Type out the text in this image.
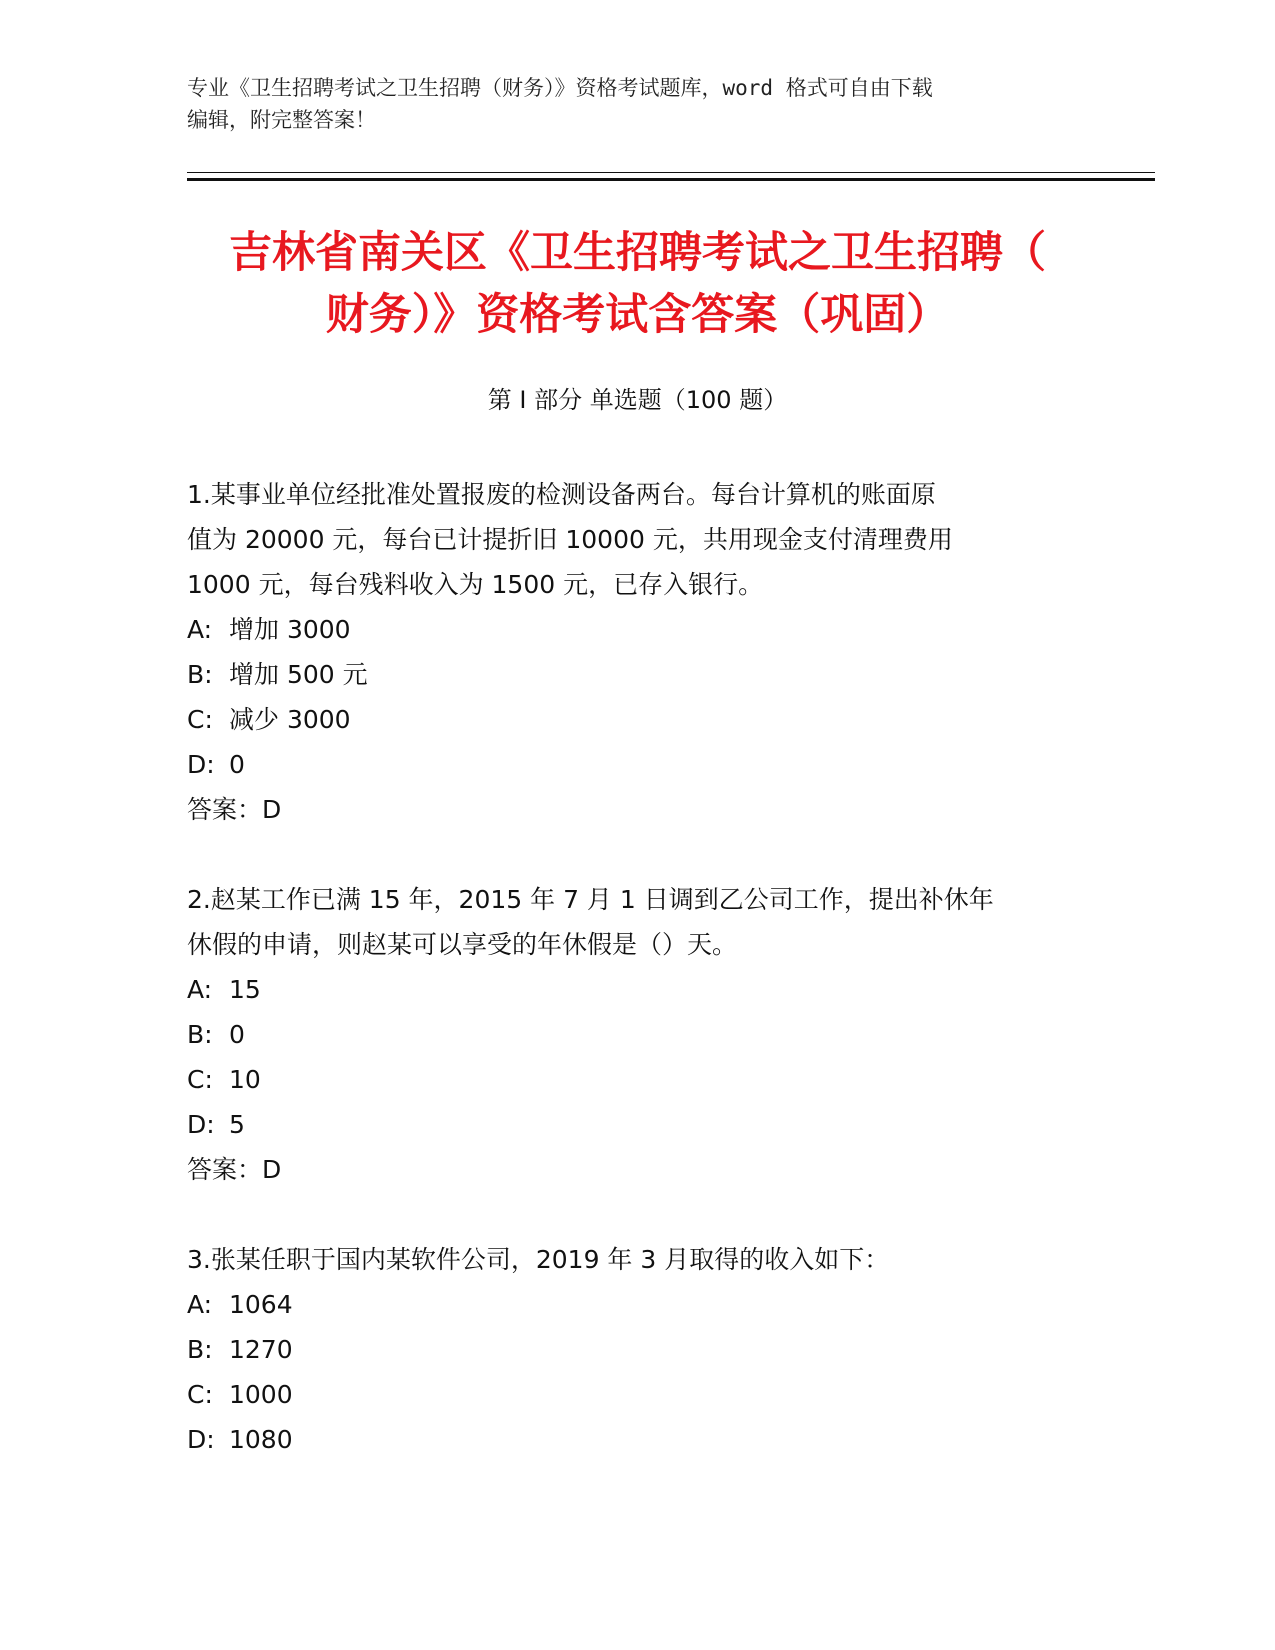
专业《卫生招聘考试之卫生招聘（财务）》资格考试题库，word 格式可自由下载
编辑，附完整答案！
吉林省南关区《卫生招聘考试之卫生招聘（
财务）》资格考试含答案（巩固）
第 I 部分 单选题（100 题）
1.某事业单位经批准处置报废的检测设备两台。每台计算机的账面原
值为 20000 元，每台已计提折旧 10000 元，共用现金支付清理费用
1000 元，每台残料收入为 1500 元，已存入银行。
A: 增加 3000
B: 增加 500 元
C: 减少 3000
D: 0
答案：D
2.赵某工作已满 15 年，2015 年 7 月 1 日调到乙公司工作，提出补休年
休假的申请，则赵某可以享受的年休假是（）天。
A: 15
B: 0
C: 10
D: 5
答案：D
3.张某任职于国内某软件公司，2019 年 3 月取得的收入如下：
A: 1064
B: 1270
C: 1000
D: 1080
